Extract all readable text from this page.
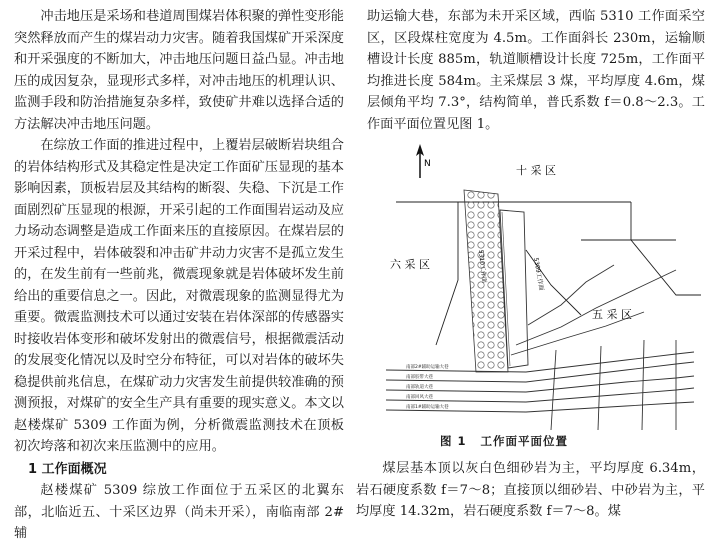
冲击地压是采场和巷道周围煤岩体积聚的弹性变形能突然释放而产生的煤岩动力灾害。随着我国煤矿开采深度和开采强度的不断加大，冲击地压问题日益凸显。冲击地压的成因复杂，显现形式多样，对冲击地压的机理认识、监测手段和防治措施复杂多样，致使矿井难以选择合适的方法解决冲击地压问题。

在综放工作面的推进过程中，上覆岩层破断岩块组合的岩体结构形式及其稳定性是决定工作面矿压显现的基本影响因素，顶板岩层及其结构的断裂、失稳、下沉是工作面剧烈矿压显现的根源，开采引起的工作面围岩运动及应力场动态调整是造成工作面来压的直接原因。在煤岩层的开采过程中，岩体破裂和冲击矿井动力灾害不是孤立发生的，在发生前有一些前兆，微震现象就是岩体破坏发生前给出的重要信息之一。因此，对微震现象的监测显得尤为重要。微震监测技术可以通过安装在岩体深部的传感器实时接收岩体变形和破坏发射出的微震信号，根据微震活动的发展变化情况以及时空分布特征，可以对岩体的破坏失稳提供前兆信息，在煤矿动力灾害发生前提供较准确的预测预报，对煤矿的安全生产具有重要的现实意义。本文以赵楼煤矿 5309 工作面为例，分析微震监测技术在顶板初次垮落和初次来压监测中的应用。

1 工作面概况

赵楼煤矿 5309 综放工作面位于五采区的北翼东部，北临近五、十采区边界（尚未开采），南临南部 2#辅

助运输大巷，东部为未开采区域，西临 5310 工作面采空区，区段煤柱宽度为 4.5m。工作面斜长 230m，运输顺槽设计长度 885m，轨道顺槽设计长度 725m，工作面平均推进长度 584m。主采煤层 3 煤，平均厚度 4.6m，煤层倾角平均 7.3°，结构简单，普氏系数 f＝0.8～2.3。工作面平面位置见图 1。

N	十 采 区
六 采 区
五 采 区
5309工作面
5310工作面
南部2#辅助运输大巷
南部胶带大巷
南部轨道大巷
南部回风大巷
南部1#辅助运输大巷
图 1 工作面平面位置

煤层基本顶以灰白色细砂岩为主，平均厚度 6.34m，岩石硬度系数 f＝7～8；直接顶以细砂岩、中砂岩为主，平均厚度 14.32m，岩石硬度系数 f＝7～8。煤
